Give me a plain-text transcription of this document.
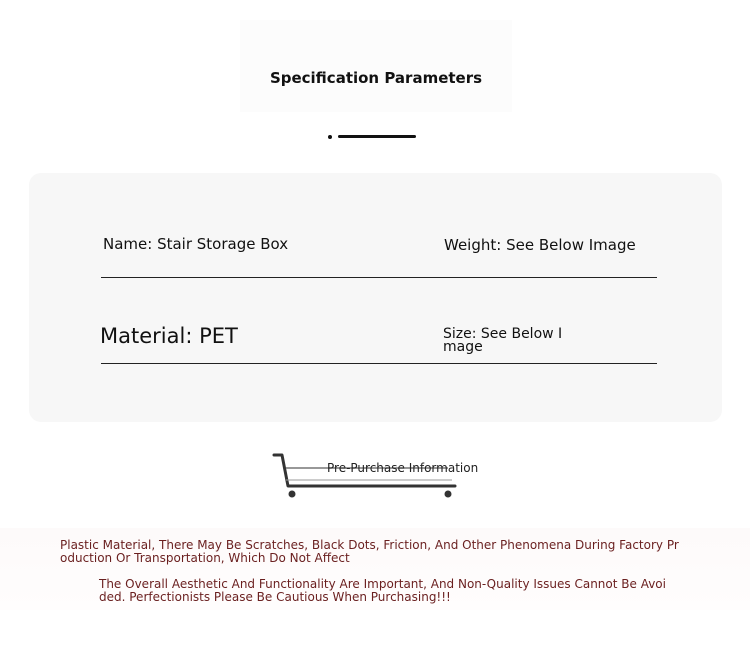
Specification Parameters
Name: Stair Storage Box	Weight: See Below Image
Material: PET	Size: See Below Image
Pre-Purchase Information
Plastic Material, There May Be Scratches, Black Dots, Friction, And Other Phenomena During Factory Production Or Transportation, Which Do Not Affect
The Overall Aesthetic And Functionality Are Important, And Non-Quality Issues Cannot Be Avoided. Perfectionists Please Be Cautious When Purchasing!!!
